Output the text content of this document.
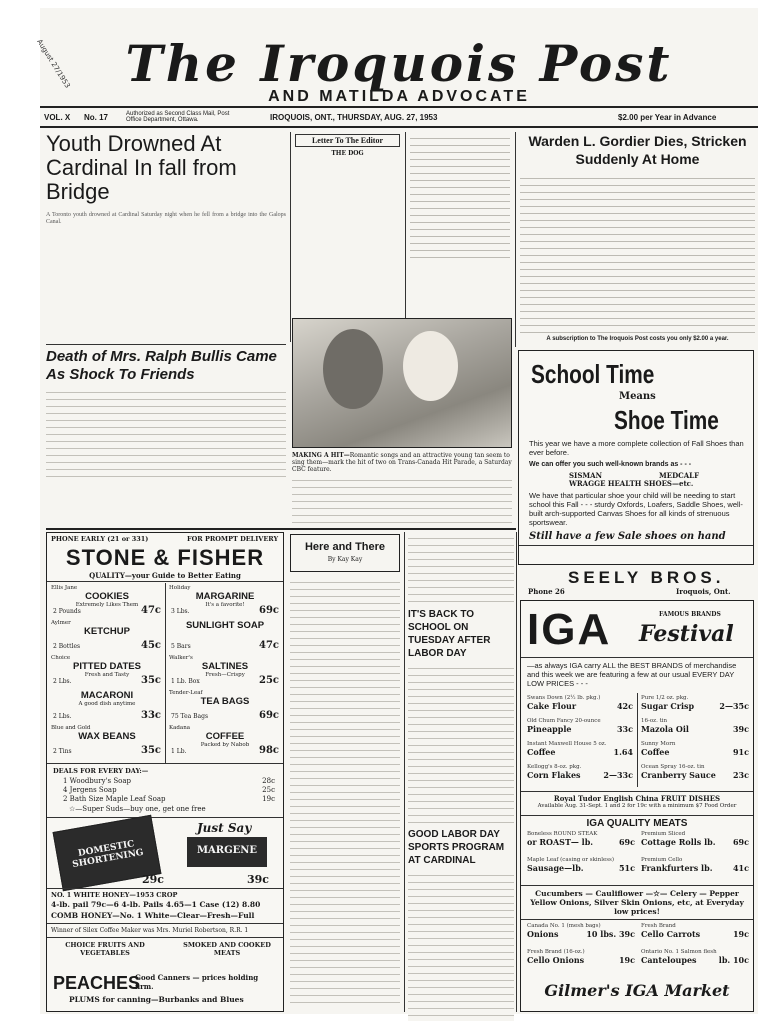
August 27/1953	The Iroquois Post
AND MATILDA ADVOCATE
VOL. X No. 17	Authorized as Second Class Mail, Post Office Department, Ottawa.	IROQUOIS, ONT., THURSDAY, AUG. 27, 1953	$2.00 per Year in Advance
Youth Drowned At Cardinal In fall from Bridge
A Toronto youth drowned at Cardinal Saturday night when he fell from a bridge into the Galops Canal.
Letter To The Editor
THE DOG
Warden L. Gordier Dies, Stricken Suddenly At Home
A subscription to The Iroquois Post costs you only $2.00 a year.
Death of Mrs. Ralph Bullis Came As Shock To Friends
MAKING A HIT—Romantic songs and an attractive young tan seem to sing them—mark the hit of two on Trans-Canada Hit Parade, a Saturday CBC feature.
School Time
Means
Shoe Time
This year we have a more complete collection of Fall Shoes than ever before.
We can offer you such well-known brands as - - -
SISMAN	MEDCALF
WRAGGE HEALTH SHOES—etc.
We have that particular shoe your child will be needing to start school this Fall - - - sturdy Oxfords, Loafers, Saddle Shoes, well-built arch-supported Canvas Shoes for all kinds of strenuous sportswear.
Still have a few Sale shoes on hand
SEELY BROS.
Phone 26	Iroquois, Ont.
PHONE EARLY (21 or 331)	FOR PROMPT DELIVERY
STONE & FISHER
QUALITY—your Guide to Better Eating
Ellis Jane
COOKIES
Extremely Likes Them
2 Pounds	47c
Aylmer
KETCHUP
2 Bottles	45c
Choice
PITTED DATES
Fresh and Tasty
2 Lbs.	35c
MACARONI
A good dish anytime
2 Lbs.	33c
Blue and Gold
WAX BEANS
2 Tins	35c
Holiday
MARGARINE
It's a favorite!
3 Lbs.	69c
SUNLIGHT SOAP
5 Bars	47c
Walker's
SALTINES
Fresh—Crispy
1 Lb. Box	25c
Tender-Leaf
TEA BAGS
75 Tea Bags	69c
Kadana
COFFEE
Packed by Nabob
1 Lb.	98c
DEALS FOR EVERY DAY:—
1 Woodbury's Soap	28c
4 Jergens Soap	25c
2 Bath Size Maple Leaf Soap	19c
☆—Super Suds—buy one, get one free
DOMESTIC SHORTENING
Just Say
MARGENE
29c	39c
NO. 1 WHITE HONEY—1953 CROP
4-lb. pail 79c—6 4-lb. Pails 4.65—1 Case (12) 8.80
COMB HONEY—No. 1 White—Clear—Fresh—Full
Winner of Silex Coffee Maker was Mrs. Muriel Robertson, R.R. 1
CHOICE FRUITS AND VEGETABLES
SMOKED AND COOKED MEATS
PEACHES
Good Canners — prices holding firm.
PLUMS for canning—Burbanks and Blues
Here and There
By Kay Kay
IT'S BACK TO SCHOOL ON TUESDAY AFTER LABOR DAY
GOOD LABOR DAY SPORTS PROGRAM AT CARDINAL
IGA	FAMOUS BRANDS
Festival
—as always IGA carry ALL the BEST BRANDS of merchandise and this week we are featuring a few at our usual EVERY DAY LOW PRICES - - -
Swans Down (2½ lb. pkg.)
Cake Flour	42c
Old Chum Fancy 20-ounce
Pineapple	33c
Instant Maxwell House 5 oz.
Coffee	1.64
Kellogg's 8-oz. pkg.
Corn Flakes	2—33c
Pure 1/2 oz. pkg.
Sugar Crisp	2—35c
16-oz. tin
Mazola Oil	39c
Sunny Morn
Coffee	91c
Ocean Spray 16-oz. tin
Cranberry Sauce 23c
Royal Tudor English China FRUIT DISHES
Available Aug. 31-Sept. 1 and 2 for 19c with a minimum $7 Food Order
IGA QUALITY MEATS
Boneless ROUND STEAK
or ROAST— lb.	69c
Premium Sliced
Cottage Rolls lb. 69c
Maple Leaf (casing or skinless)
Sausage—lb.	51c
Premium Cello
Frankfurters lb.	41c
Cucumbers — Cauliflower —☆— Celery — Pepper Yellow Onions, Silver Skin Onions, etc, at Everyday low prices!
Canada No. 1 (mesh bags)
Onions	10 lbs. 39c
Fresh Brand
Cello Carrots	19c
Fresh Brand (16-oz.)
Cello Onions	19c
Ontario No. 1 Salmon flesh
Canteloupes	lb. 10c
Gilmer's IGA Market
